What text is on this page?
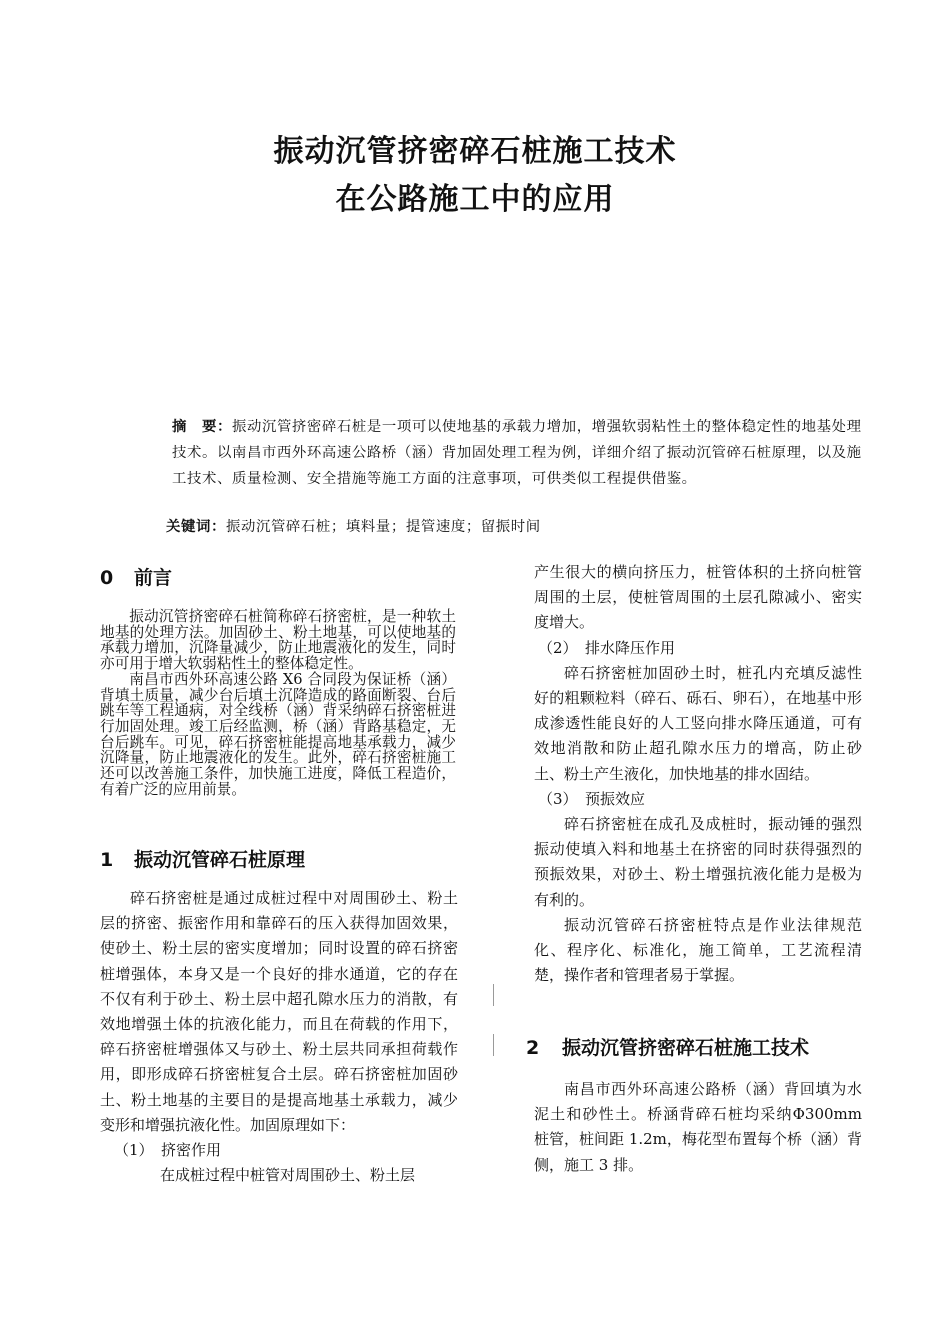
振动沉管挤密碎石桩施工技术
在公路施工中的应用
摘　要：振动沉管挤密碎石桩是一项可以使地基的承载力增加，增强软弱粘性土的整体稳定性的地基处理技术。以南昌市西外环高速公路桥（涵）背加固处理工程为例，详细介绍了振动沉管碎石桩原理，以及施工技术、质量检测、安全措施等施工方面的注意事项，可供类似工程提供借鉴。
关键词：振动沉管碎石桩；填料量；提管速度；留振时间
0 前言

振动沉管挤密碎石桩简称碎石挤密桩，是一种软土地基的处理方法。加固砂土、粉土地基，可以使地基的承载力增加，沉降量减少，防止地震液化的发生，同时亦可用于增大软弱粘性土的整体稳定性。

南昌市西外环高速公路 X6 合同段为保证桥（涵）背填土质量，减少台后填土沉降造成的路面断裂、台后跳车等工程通病，对全线桥（涵）背采纳碎石挤密桩进行加固处理。竣工后经监测，桥（涵）背路基稳定，无台后跳车。可见，碎石挤密桩能提高地基承载力，减少沉降量，防止地震液化的发生。此外，碎石挤密桩施工还可以改善施工条件，加快施工进度，降低工程造价，有着广泛的应用前景。

1 振动沉管碎石桩原理

碎石挤密桩是通过成桩过程中对周围砂土、粉土层的挤密、振密作用和靠碎石的压入获得加固效果，使砂土、粉土层的密实度增加；同时设置的碎石挤密桩增强体，本身又是一个良好的排水通道，它的存在不仅有利于砂土、粉土层中超孔隙水压力的消散，有效地增强土体的抗液化能力，而且在荷载的作用下，碎石挤密桩增强体又与砂土、粉土层共同承担荷载作用，即形成碎石挤密桩复合土层。碎石挤密桩加固砂土、粉土地基的主要目的是提高地基土承载力，减少变形和增强抗液化性。加固原理如下：

（1）　挤密作用

在成桩过程中桩管对周围砂土、粉土层

产生很大的横向挤压力，桩管体积的土挤向桩管周围的土层，使桩管周围的土层孔隙减小、密实度增大。

（2）　排水降压作用

碎石挤密桩加固砂土时，桩孔内充填反滤性好的粗颗粒料（碎石、砾石、卵石），在地基中形成渗透性能良好的人工竖向排水降压通道，可有效地消散和防止超孔隙水压力的增高，防止砂土、粉土产生液化，加快地基的排水固结。

（3）　预振效应

碎石挤密桩在成孔及成桩时，振动锤的强烈振动使填入料和地基土在挤密的同时获得强烈的预振效果，对砂土、粉土增强抗液化能力是极为有利的。

振动沉管碎石挤密桩特点是作业法律规范化、程序化、标准化，施工简单，工艺流程清楚，操作者和管理者易于掌握。

2 振动沉管挤密碎石桩施工技术

南昌市西外环高速公路桥（涵）背回填为水泥土和砂性土。桥涵背碎石桩均采纳Φ300mm 桩管，桩间距 1.2m，梅花型布置每个桥（涵）背侧，施工 3 排。
